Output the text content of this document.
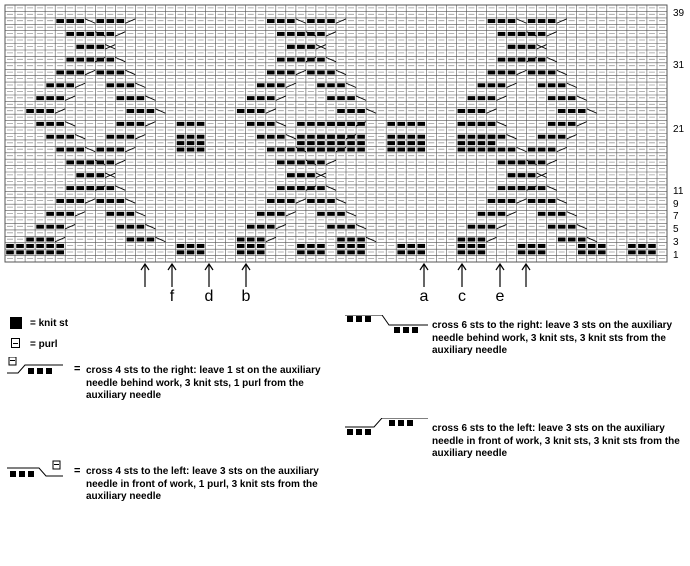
39
31
21
11
9
7
5
3
1
f d b	a c e
= knit st
= purl
= cross 4 sts to the right: leave 1 st on the auxiliary needle behind work, 3 knit sts, 1 purl from the auxiliary needle
= cross 4 sts to the left: leave 3 sts on the auxiliary needle in front of work, 1 purl, 3 knit sts from the auxiliary needle
cross 6 sts to the right: leave 3 sts on the auxiliary needle behind work, 3 knit sts, 3 knit sts from the auxiliary needle
cross 6 sts to the left: leave 3 sts on the auxiliary needle in front of work, 3 knit sts, 3 knit sts from the auxiliary needle
